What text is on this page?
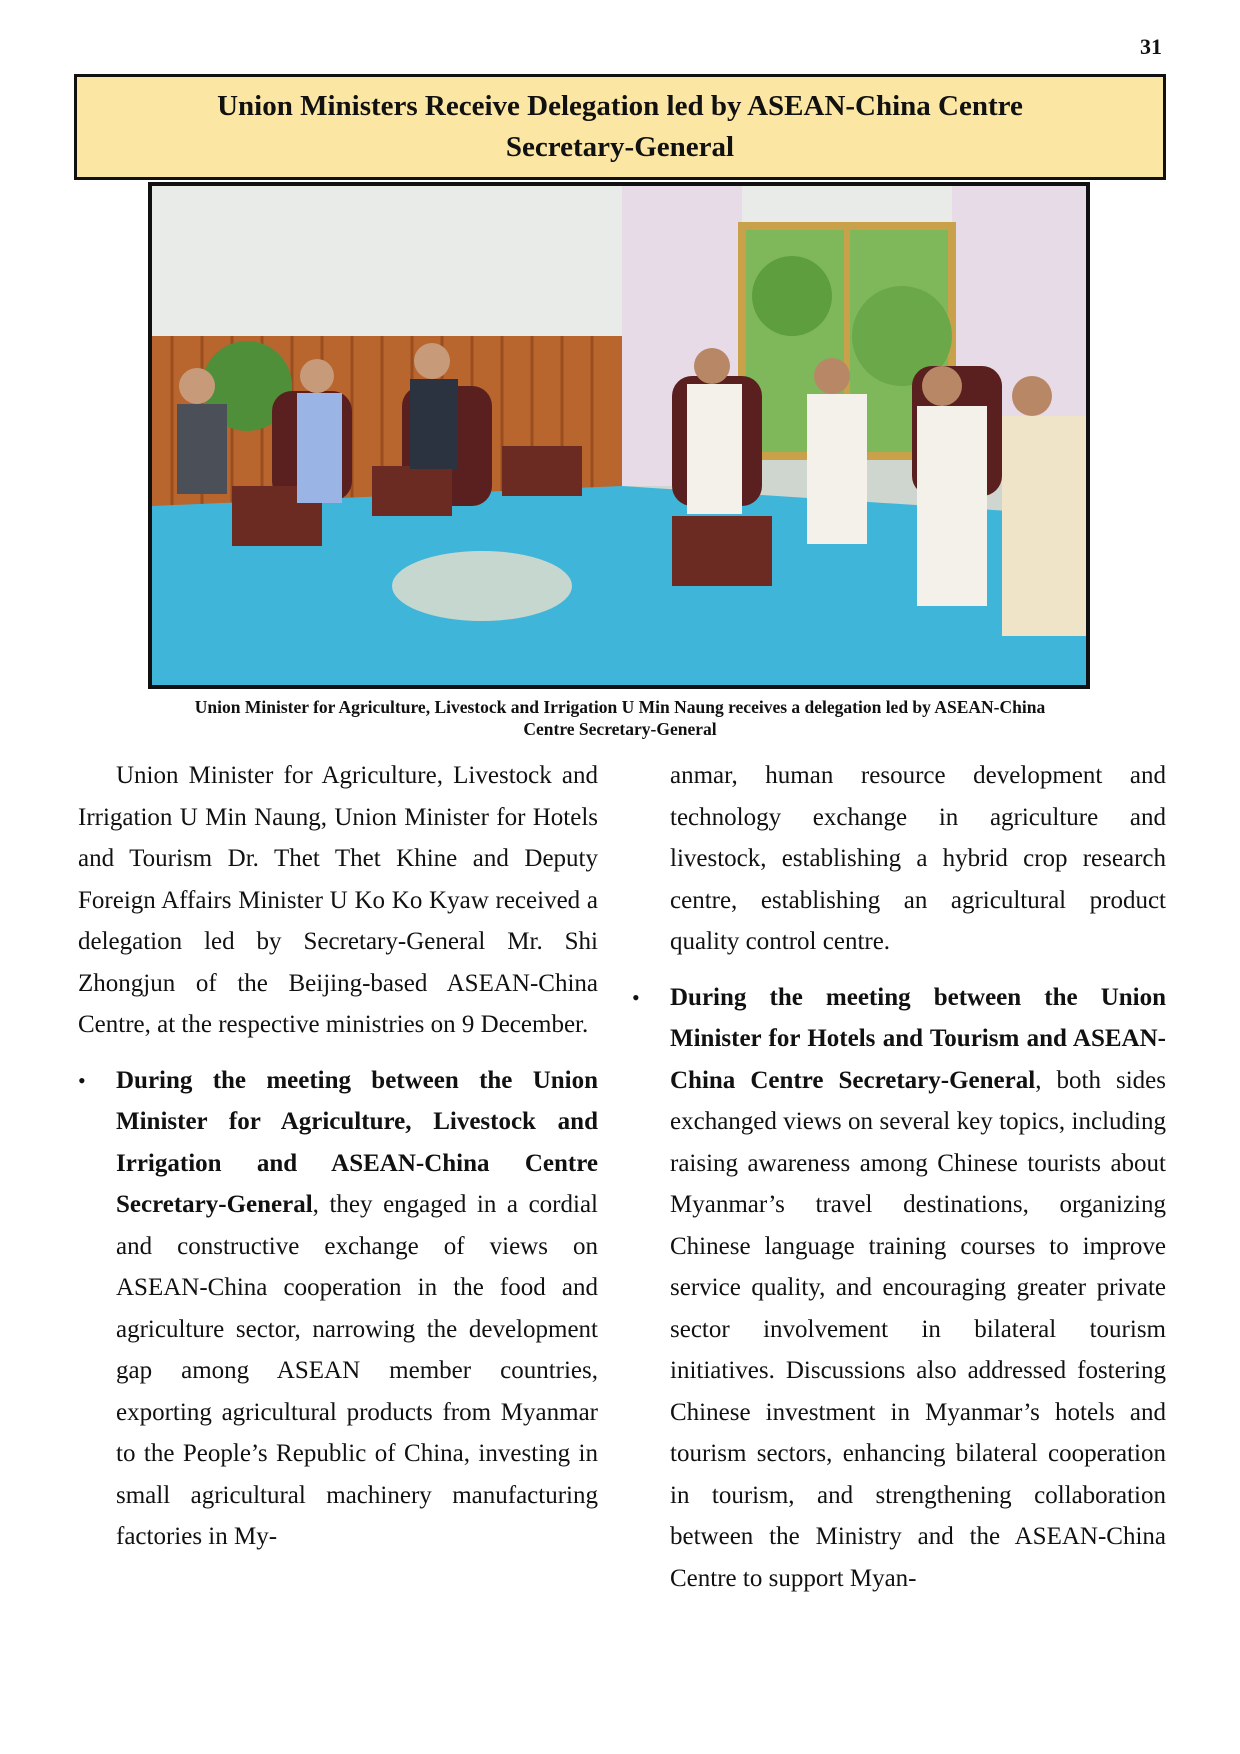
31
Union Ministers Receive Delegation led by ASEAN-China Centre
Secretary-General
Union Minister for Agriculture, Livestock and Irrigation U Min Naung receives a delegation led by ASEAN-China
Centre Secretary-General

Union Minister for Agriculture, Livestock and Irrigation U Min Naung, Union Minister for Hotels and Tourism Dr. Thet Thet Khine and Deputy Foreign Affairs Minister U Ko Ko Kyaw received a delegation led by Secretary-General Mr. Shi Zhongjun of the Beijing-based ASEAN-China Centre, at the respective ministries on 9 December.

• During the meeting between the Union Minister for Agriculture, Livestock and Irrigation and ASEAN-China Centre Secretary-General, they engaged in a cordial and constructive exchange of views on ASEAN-China cooperation in the food and agriculture sector, narrowing the development gap among ASEAN member countries, exporting agricultural products from Myanmar to the People’s Republic of China, investing in small agricultural machinery manufacturing factories in My-

anmar, human resource development and technology exchange in agriculture and livestock, establishing a hybrid crop research centre, establishing an agricultural product quality control centre.

• During the meeting between the Union Minister for Hotels and Tourism and ASEAN-China Centre Secretary-General, both sides exchanged views on several key topics, including raising awareness among Chinese tourists about Myanmar’s travel destinations, organizing Chinese language training courses to improve service quality, and encouraging greater private sector involvement in bilateral tourism initiatives. Discussions also addressed fostering Chinese investment in Myanmar’s hotels and tourism sectors, enhancing bilateral cooperation in tourism, and strengthening collaboration between the Ministry and the ASEAN-China Centre to support Myan-
